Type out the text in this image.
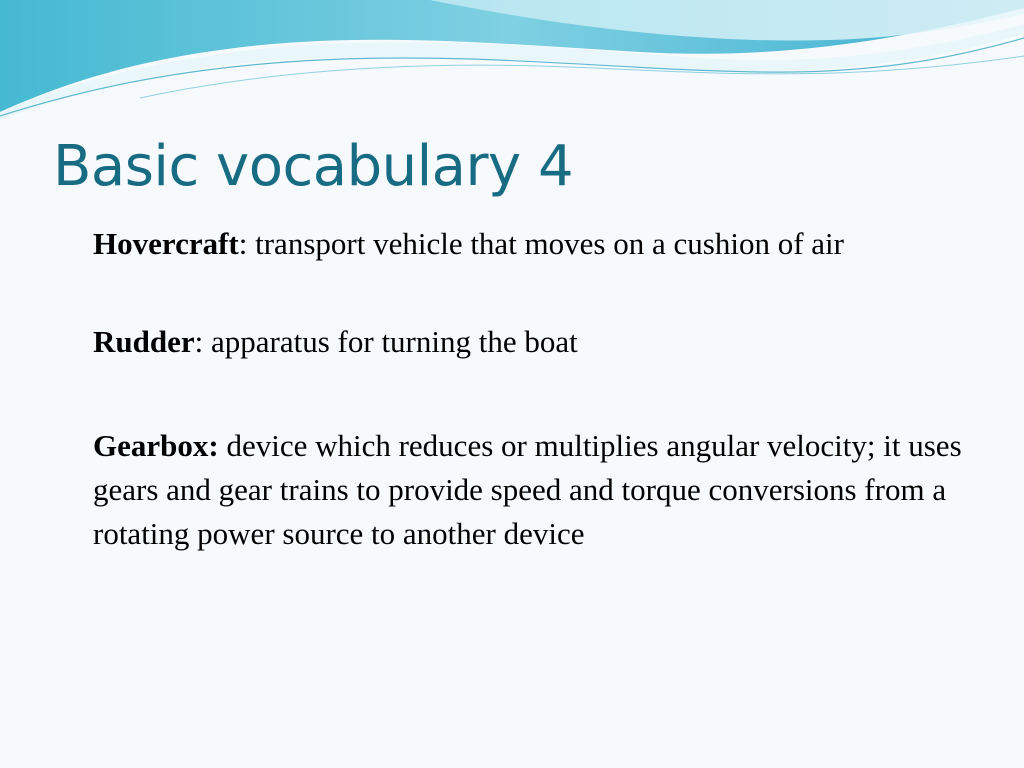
Basic vocabulary 4

Hovercraft: transport vehicle that moves on a cushion of air

Rudder: apparatus for turning the boat

Gearbox: device which reduces or multiplies angular velocity; it uses gears and gear trains to provide speed and torque conversions from a rotating power source to another device
